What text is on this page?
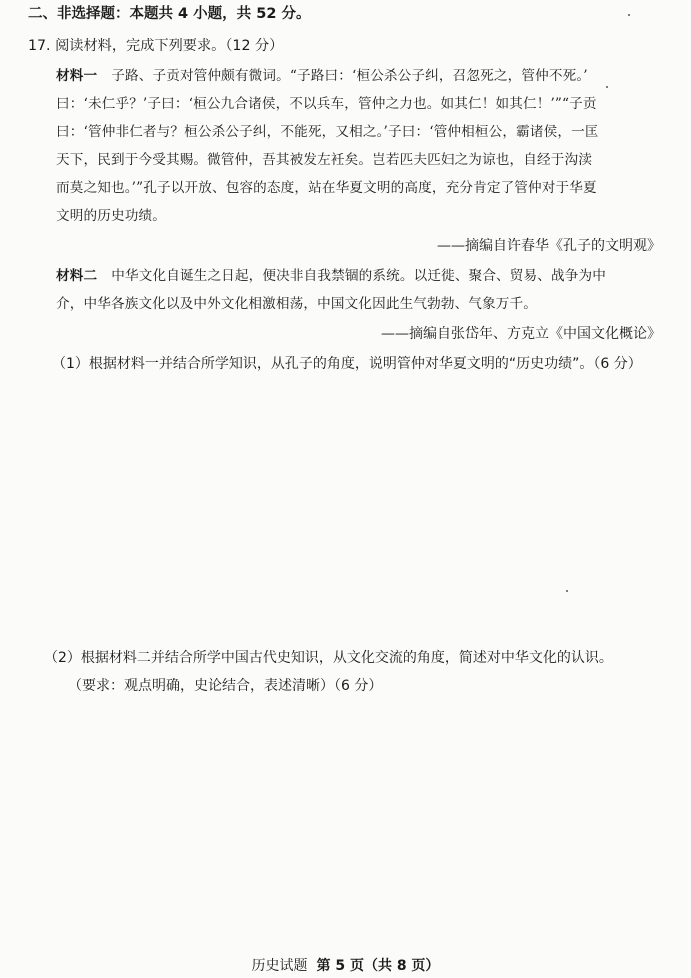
二、非选择题：本题共 4 小题，共 52 分。
17. 阅读材料，完成下列要求。（12 分）
材料一 子路、子贡对管仲颇有微词。“子路曰：‘桓公杀公子纠，召忽死之，管仲不死。’
曰：‘未仁乎？’子曰：‘桓公九合诸侯，不以兵车，管仲之力也。如其仁！如其仁！’”“子贡
曰：‘管仲非仁者与？桓公杀公子纠，不能死，又相之。’子曰：‘管仲相桓公，霸诸侯，一匡
天下，民到于今受其赐。微管仲，吾其被发左衽矣。岂若匹夫匹妇之为谅也，自经于沟渎
而莫之知也。’”孔子以开放、包容的态度，站在华夏文明的高度，充分肯定了管仲对于华夏
文明的历史功绩。
——摘编自许春华《孔子的文明观》
材料二 中华文化自诞生之日起，便决非自我禁锢的系统。以迁徙、聚合、贸易、战争为中
介，中华各族文化以及中外文化相激相荡，中国文化因此生气勃勃、气象万千。
——摘编自张岱年、方克立《中国文化概论》
（1）根据材料一并结合所学知识，从孔子的角度，说明管仲对华夏文明的“历史功绩”。（6 分）
（2）根据材料二并结合所学中国古代史知识，从文化交流的角度，简述对中华文化的认识。
（要求：观点明确，史论结合，表述清晰）（6 分）
历史试题 第 5 页（共 8 页）
